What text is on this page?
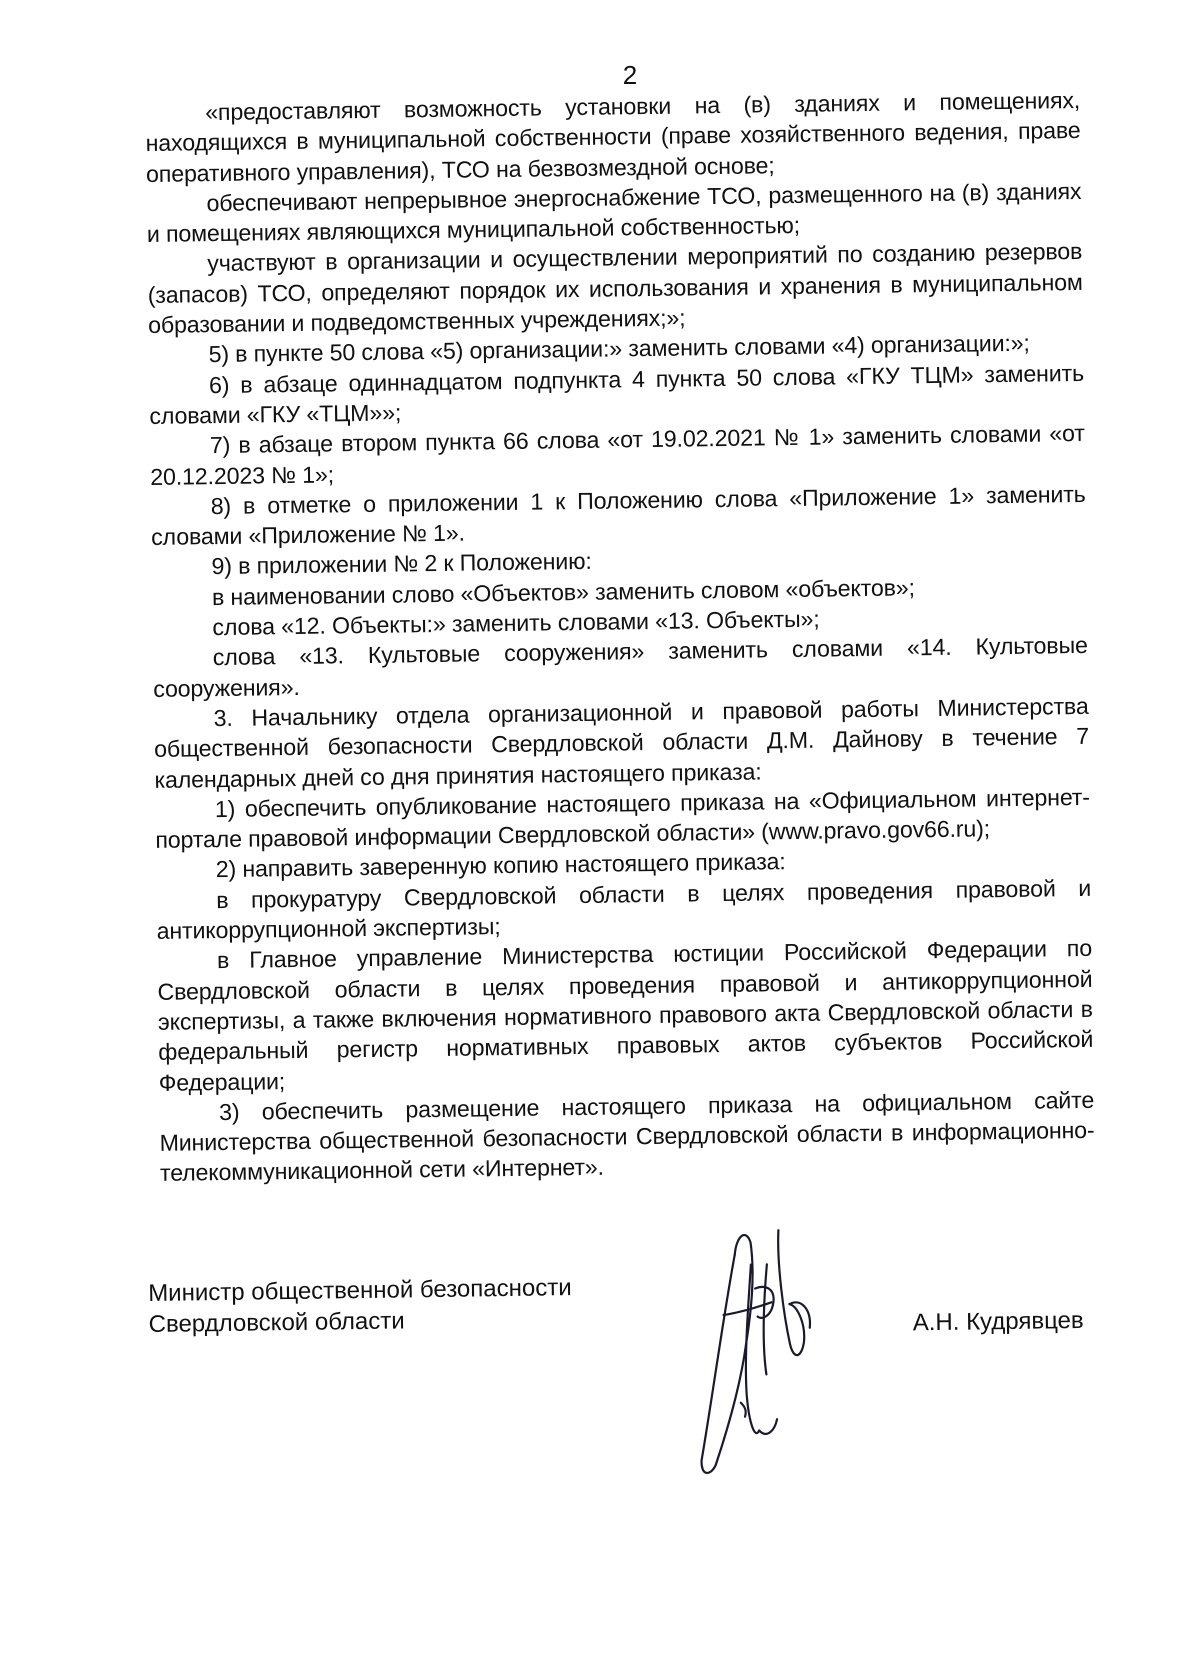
2

«предоставляют возможность установки на (в) зданиях и помещениях, находящихся в муниципальной собственности (праве хозяйственного ведения, праве оперативного управления), ТСО на безвозмездной основе;

обеспечивают непрерывное энергоснабжение ТСО, размещенного на (в) зданиях и помещениях являющихся муниципальной собственностью;

участвуют в организации и осуществлении мероприятий по созданию резервов (запасов) ТСО, определяют порядок их использования и хранения в муниципальном образовании и подведомственных учреждениях;»;

5) в пункте 50 слова «5) организации:» заменить словами «4) организации:»;

6) в абзаце одиннадцатом подпункта 4 пункта 50 слова «ГКУ ТЦМ» заменить словами «ГКУ «ТЦМ»»;

7) в абзаце втором пункта 66 слова «от 19.02.2021 № 1» заменить словами «от 20.12.2023 № 1»;

8) в отметке о приложении 1 к Положению слова «Приложение 1» заменить словами «Приложение № 1».

9) в приложении № 2 к Положению:

в наименовании слово «Объектов» заменить словом «объектов»;

слова «12. Объекты:» заменить словами «13. Объекты»;

слова «13. Культовые сооружения» заменить словами «14. Культовые сооружения».

3. Начальнику отдела организационной и правовой работы Министерства общественной безопасности Свердловской области Д.М. Дайнову в течение 7 календарных дней со дня принятия настоящего приказа:

1) обеспечить опубликование настоящего приказа на «Официальном интернет-портале правовой информации Свердловской области» (www.pravo.gov66.ru);

2) направить заверенную копию настоящего приказа:

в прокуратуру Свердловской области в целях проведения правовой и антикоррупционной экспертизы;

в Главное управление Министерства юстиции Российской Федерации по Свердловской области в целях проведения правовой и антикоррупционной экспертизы, а также включения нормативного правового акта Свердловской области в федеральный регистр нормативных правовых актов субъектов Российской Федерации;

3) обеспечить размещение настоящего приказа на официальном сайте Министерства общественной безопасности Свердловской области в информационно-телекоммуникационной сети «Интернет».

Министр общественной безопасности
Свердловской области	А.Н. Кудрявцев
